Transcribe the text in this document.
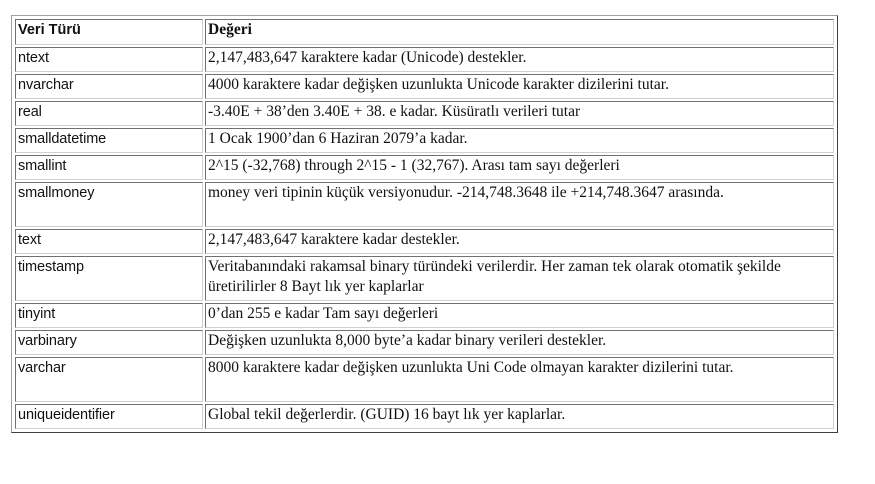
Veri Türü	Değeri
ntext	2,147,483,647 karaktere kadar (Unicode) destekler.
nvarchar	4000 karaktere kadar değişken uzunlukta Unicode karakter dizilerini tutar.
real	-3.40E + 38’den 3.40E + 38. e kadar. Küsüratlı verileri tutar
smalldatetime	1 Ocak 1900’dan 6 Haziran 2079’a kadar.
smallint	2^15 (-32,768) through 2^15 - 1 (32,767). Arası tam sayı değerleri
smallmoney	money veri tipinin küçük versiyonudur. -214,748.3648 ile +214,748.3647 arasında.
text	2,147,483,647 karaktere kadar destekler.
timestamp	Veritabanındaki rakamsal binary türündeki verilerdir. Her zaman tek olarak otomatik şekilde üretirilirler 8 Bayt lık yer kaplarlar
tinyint	0’dan 255 e kadar Tam sayı değerleri
varbinary	Değişken uzunlukta 8,000 byte’a kadar binary verileri destekler.
varchar	8000 karaktere kadar değişken uzunlukta Uni Code olmayan karakter dizilerini tutar.
uniqueidentifier	Global tekil değerlerdir. (GUID) 16 bayt lık yer kaplarlar.
